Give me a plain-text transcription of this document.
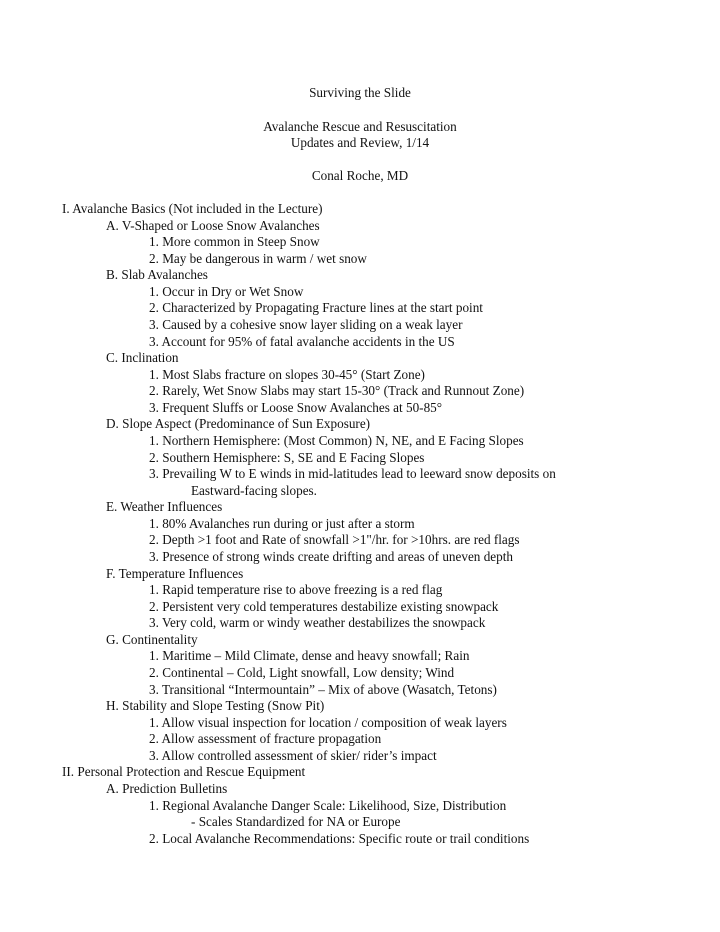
Surviving the Slide
Avalanche Rescue and Resuscitation
Updates and Review, 1/14
Conal Roche, MD
I. Avalanche Basics (Not included in the Lecture)
A. V-Shaped or Loose Snow Avalanches
1. More common in Steep Snow
2. May be dangerous in warm / wet snow
B. Slab Avalanches
1. Occur in Dry or Wet Snow
2. Characterized by Propagating Fracture lines at the start point
3. Caused by a cohesive snow layer sliding on a weak layer
3. Account for 95% of fatal avalanche accidents in the US
C. Inclination
1. Most Slabs fracture on slopes 30-45° (Start Zone)
2. Rarely, Wet Snow Slabs may start 15-30° (Track and Runnout Zone)
3. Frequent Sluffs or Loose Snow Avalanches at 50-85°
D. Slope Aspect (Predominance of Sun Exposure)
1. Northern Hemisphere: (Most Common) N, NE, and E Facing Slopes
2. Southern Hemisphere: S, SE and E Facing Slopes
3. Prevailing W to E winds in mid-latitudes lead to leeward snow deposits on
Eastward-facing slopes.
E. Weather Influences
1. 80% Avalanches run during or just after a storm
2. Depth >1 foot and Rate of snowfall >1"/hr. for >10hrs. are red flags
3. Presence of strong winds create drifting and areas of uneven depth
F. Temperature Influences
1. Rapid temperature rise to above freezing is a red flag
2. Persistent very cold temperatures destabilize existing snowpack
3. Very cold, warm or windy weather destabilizes the snowpack
G. Continentality
1. Maritime – Mild Climate, dense and heavy snowfall; Rain
2. Continental – Cold, Light snowfall, Low density; Wind
3. Transitional “Intermountain” – Mix of above (Wasatch, Tetons)
H. Stability and Slope Testing (Snow Pit)
1. Allow visual inspection for location / composition of weak layers
2. Allow assessment of fracture propagation
3. Allow controlled assessment of skier/ rider’s impact
II. Personal Protection and Rescue Equipment
A. Prediction Bulletins
1. Regional Avalanche Danger Scale: Likelihood, Size, Distribution
- Scales Standardized for NA or Europe
2. Local Avalanche Recommendations: Specific route or trail conditions
